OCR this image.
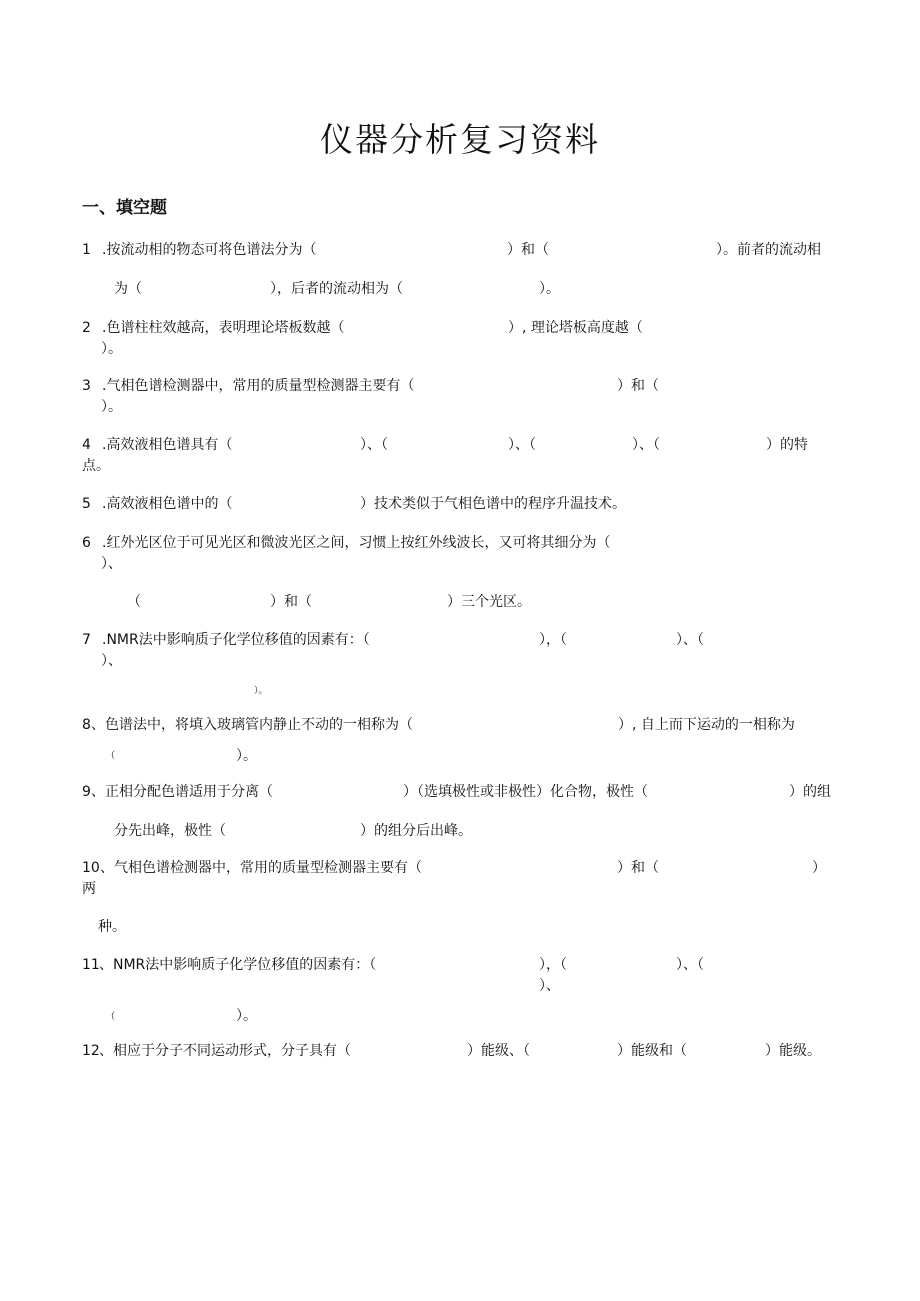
仪器分析复习资料
一、填空题
1 .按流动相的物态可将色谱法分为（	）和（	）。前者的流动相
为（	），后者的流动相为（	）。
2 .色谱柱柱效越高，表明理论塔板数越（	）, 理论塔板高度越（
）。
3 .气相色谱检测器中，常用的质量型检测器主要有（	）和（
）。
4 .高效液相色谱具有（	）、（	）、（	）、（	）的特
点。
5 .高效液相色谱中的（	）技术类似于气相色谱中的程序升温技术。
6 .红外光区位于可见光区和微波光区之间，习惯上按红外线波长，又可将其细分为（
）、
（	）和（	）三个光区。
7 .NMR法中影响质子化学位移值的因素有：（	），（	）、（
）、
）。
8 、色谱法中，将填入玻璃管内静止不动的一相称为（	）, 自上而下运动的一相称为
（	）。
9 、正相分配色谱适用于分离（	）（选填极性或非极性）化合物，极性（	）的组
分先出峰，极性（	）的组分后出峰。
10 、气相色谱检测器中，常用的质量型检测器主要有（	）和（	）
两
种。
11 、NMR法中影响质子化学位移值的因素有：（	），（	）、（
）、
（	）。
12 、相应于分子不同运动形式，分子具有（	）能级、（	）能级和（	）能级。
